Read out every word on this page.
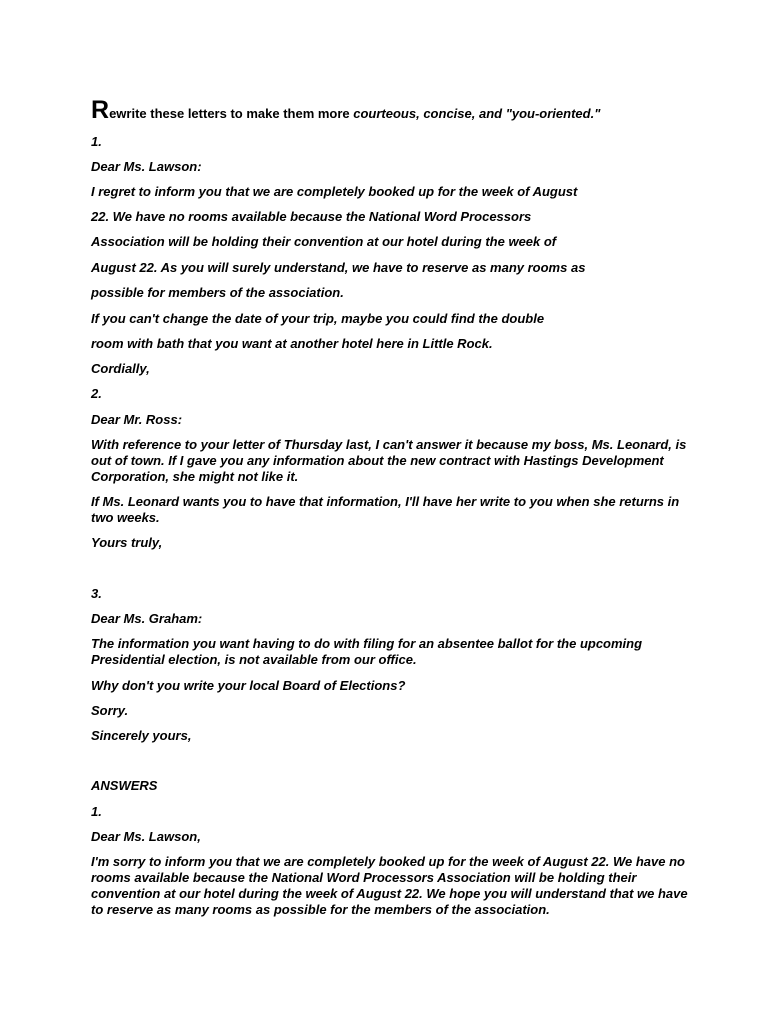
Rewrite these letters to make them more courteous, concise, and "you-oriented."
1.
Dear Ms. Lawson:
I regret to inform you that we are completely booked up for the week of August
22. We have no rooms available because the National Word Processors
Association will be holding their convention at our hotel during the week of
August 22. As you will surely understand, we have to reserve as many rooms as
possible for members of the association.
If you can't change the date of your trip, maybe you could find the double
room with bath that you want at another hotel here in Little Rock.
Cordially,
2.
Dear Mr. Ross:
With reference to your letter of Thursday last, I can't answer it because my boss, Ms. Leonard, is out of town. If I gave you any information about the new contract with Hastings Development Corporation, she might not like it.
If Ms. Leonard wants you to have that information, I'll have her write to you when she returns in two weeks.
Yours truly,
3.
Dear Ms. Graham:
The information you want having to do with filing for an absentee ballot for the upcoming Presidential election, is not available from our office.
Why don't you write your local Board of Elections?
Sorry.
Sincerely yours,
ANSWERS
1.
Dear Ms. Lawson,
I'm sorry to inform you that we are completely booked up for the week of August 22. We have no rooms available because the National Word Processors Association will be holding their convention at our hotel during the week of August 22. We hope you will understand that we have to reserve as many rooms as possible for the members of the association.
